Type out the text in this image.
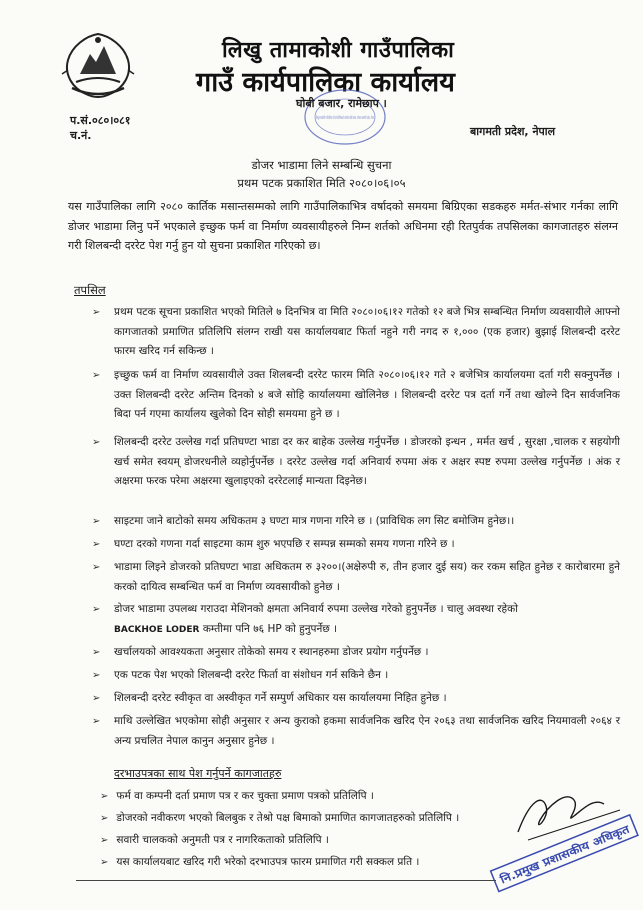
लिखु तामाकोशी गाउँपालिका
गाउँ कार्यपालिका कार्यालय
लिखु तामाकोशी गाउँपालिका गाउँ कार्यपालिकाको कार्यालय घोबी बजार, रामेछाप बागमती प्रदेश, नेपाल
घोबी बजार, रामेछाप ।
प.सं.०८०।०८१
च.नं.	बागमती प्रदेश, नेपाल
डोजर भाडामा लिने सम्बन्धि सुचना
प्रथम पटक प्रकाशित मिति २०८०।०६।०५
यस गाउँपालिका लागि २०८० कार्तिक मसान्तसम्मको लागि गाउँपालिकाभित्र वर्षादको समयमा बिग्रिएका सडकहरु मर्मत-संभार गर्नका लागि डोजर भाडामा लिनु पर्ने भएकाले इच्छुक फर्म वा निर्माण व्यवसायीहरुले निम्न शर्तको अधिनमा रही रितपुर्वक तपसिलका कागजातहरु संलग्न गरी शिलबन्दी दररेट पेश गर्नु हुन यो सुचना प्रकाशित गरिएको छ।
तपसिल
➢	प्रथम पटक सूचना प्रकाशित भएको मितिले ७ दिनभित्र वा मिति २०८०।०६।१२ गतेको १२ बजे भित्र सम्बन्धित निर्माण व्यवसायीले आफ्नो कागजातको प्रमाणित प्रतिलिपि संलग्न राखी यस कार्यालयबाट फिर्ता नहुने गरी नगद रु १,००० (एक हजार) बुझाई शिलबन्दी दररेट फारम खरिद गर्न सकिन्छ ।
➢	इच्छुक फर्म वा निर्माण व्यवसायीले उक्त शिलबन्दी दररेट फारम मिति २०८०।०६।१२ गते २ बजेभित्र कार्यालयमा दर्ता गरी सक्नुपर्नेछ । उक्त शिलबन्दी दररेट अन्तिम दिनको ४ बजे सोहि कार्यालयमा खोलिनेछ । शिलबन्दी दररेट पत्र दर्ता गर्ने तथा खोल्ने दिन सार्वजनिक बिदा पर्न गएमा कार्यालय खुलेको दिन सोही समयमा हुने छ ।
➢	शिलबन्दी दररेट उल्लेख गर्दा प्रतिघण्टा भाडा दर कर बाहेक उल्लेख गर्नुपर्नेछ । डोजरको इन्धन , मर्मत खर्च , सुरक्षा ,चालक र सहयोगी खर्च समेत स्वयम् डोजरधनीले व्यहोर्नुपर्नेछ । दररेट उल्लेख गर्दा अनिवार्य रुपमा अंक र अक्षर स्पष्ट रुपमा उल्लेख गर्नुपर्नेछ । अंक र अक्षरमा फरक परेमा अक्षरमा खुलाइएको दररेटलाई मान्यता दिइनेछ।
➢	साइटमा जाने बाटोको समय अधिकतम ३ घण्टा मात्र गणना गरिने छ । (प्राविधिक लग सिट बमोजिम हुनेछ।।
➢	घण्टा दरको गणना गर्दा साइटमा काम शुरु भएपछि र सम्पन्न सम्मको समय गणना गरिने छ ।
➢	भाडामा लिइने डोजरको प्रतिघण्टा भाडा अधिकतम रु ३२००।(अक्षेरुपी रु, तीन हजार दुई सय) कर रकम सहित हुनेछ र कारोबारमा हुने करको दायित्व सम्बन्धित फर्म वा निर्माण व्यवसायीको हुनेछ ।
➢	डोजर भाडामा उपलब्ध गराउदा मेशिनको क्षमता अनिवार्य रुपमा उल्लेख गरेको हुनुपर्नेछ । चालु अवस्था रहेको
BACKHOE LODER कम्तीमा पनि ७६ HP को हुनुपर्नेछ ।
➢	खर्चालयको आवश्यकता अनुसार तोकेको समय र स्थानहरुमा डोजर प्रयोग गर्नुपर्नेछ ।
➢	एक पटक पेश भएको शिलबन्दी दररेट फिर्ता वा संशोधन गर्न सकिने छैन ।
➢	शिलबन्दी दररेट स्वीकृत वा अस्वीकृत गर्ने सम्पुर्ण अधिकार यस कार्यालयमा निहित हुनेछ ।
➢	माथि उल्लेखित भएकोमा सोही अनुसार र अन्य कुराको हकमा सार्वजनिक खरिद ऐन २०६३ तथा सार्वजनिक खरिद नियमावली २०६४ र अन्य प्रचलित नेपाल कानुन अनुसार हुनेछ ।
दरभाउपत्रका साथ पेश गर्नुपर्ने कागजातहरु
➢ फर्म वा कम्पनी दर्ता प्रमाण पत्र र कर चुक्ता प्रमाण पत्रको प्रतिलिपि ।
➢ डोजरको नवीकरण भएको बिलबुक र तेश्रो पक्ष बिमाको प्रमाणित कागजातहरुको प्रतिलिपि ।
➢ सवारी चालकको अनुमती पत्र र नागरिकताको प्रतिलिपि ।
➢ यस कार्यालयबाट खरिद गरी भरेको दरभाउपत्र फारम प्रमाणित गरी सक्कल प्रति ।	नि.प्रमुख प्रशासकीय अधिकृत
